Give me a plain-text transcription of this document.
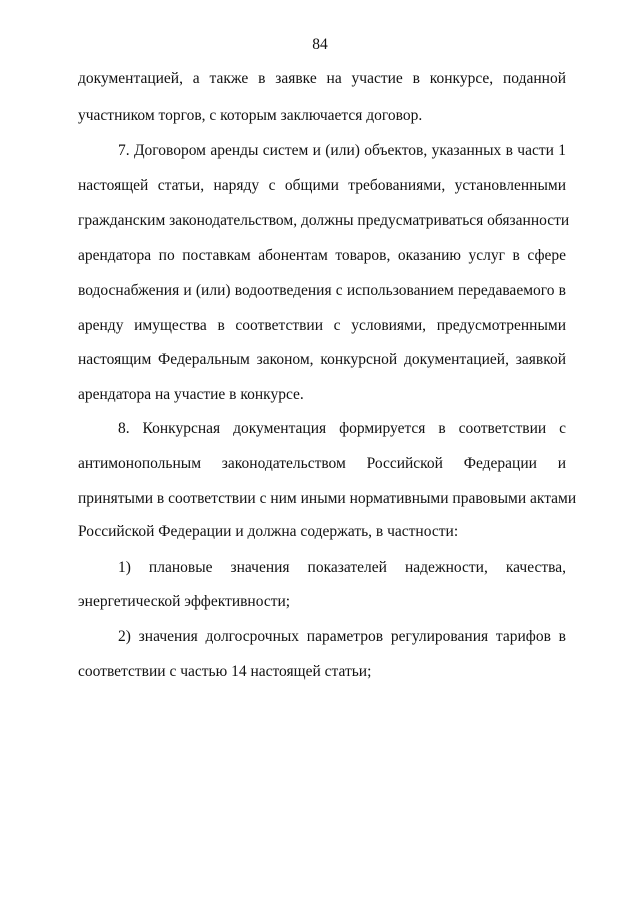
84
документацией, а также в заявке на участие в конкурсе, поданной
участником торгов, с которым заключается договор.
7. Договором аренды систем и (или) объектов, указанных в части 1
настоящей статьи, наряду с общими требованиями, установленными
гражданским законодательством, должны предусматриваться обязанности
арендатора по поставкам абонентам товаров, оказанию услуг в сфере
водоснабжения и (или) водоотведения с использованием передаваемого в
аренду имущества в соответствии с условиями, предусмотренными
настоящим Федеральным законом, конкурсной документацией, заявкой
арендатора на участие в конкурсе.
8. Конкурсная документация формируется в соответствии с
антимонопольным законодательством Российской Федерации и
принятыми в соответствии с ним иными нормативными правовыми актами
Российской Федерации и должна содержать, в частности:
1) плановые значения показателей надежности, качества,
энергетической эффективности;
2) значения долгосрочных параметров регулирования тарифов в
соответствии с частью 14 настоящей статьи;
